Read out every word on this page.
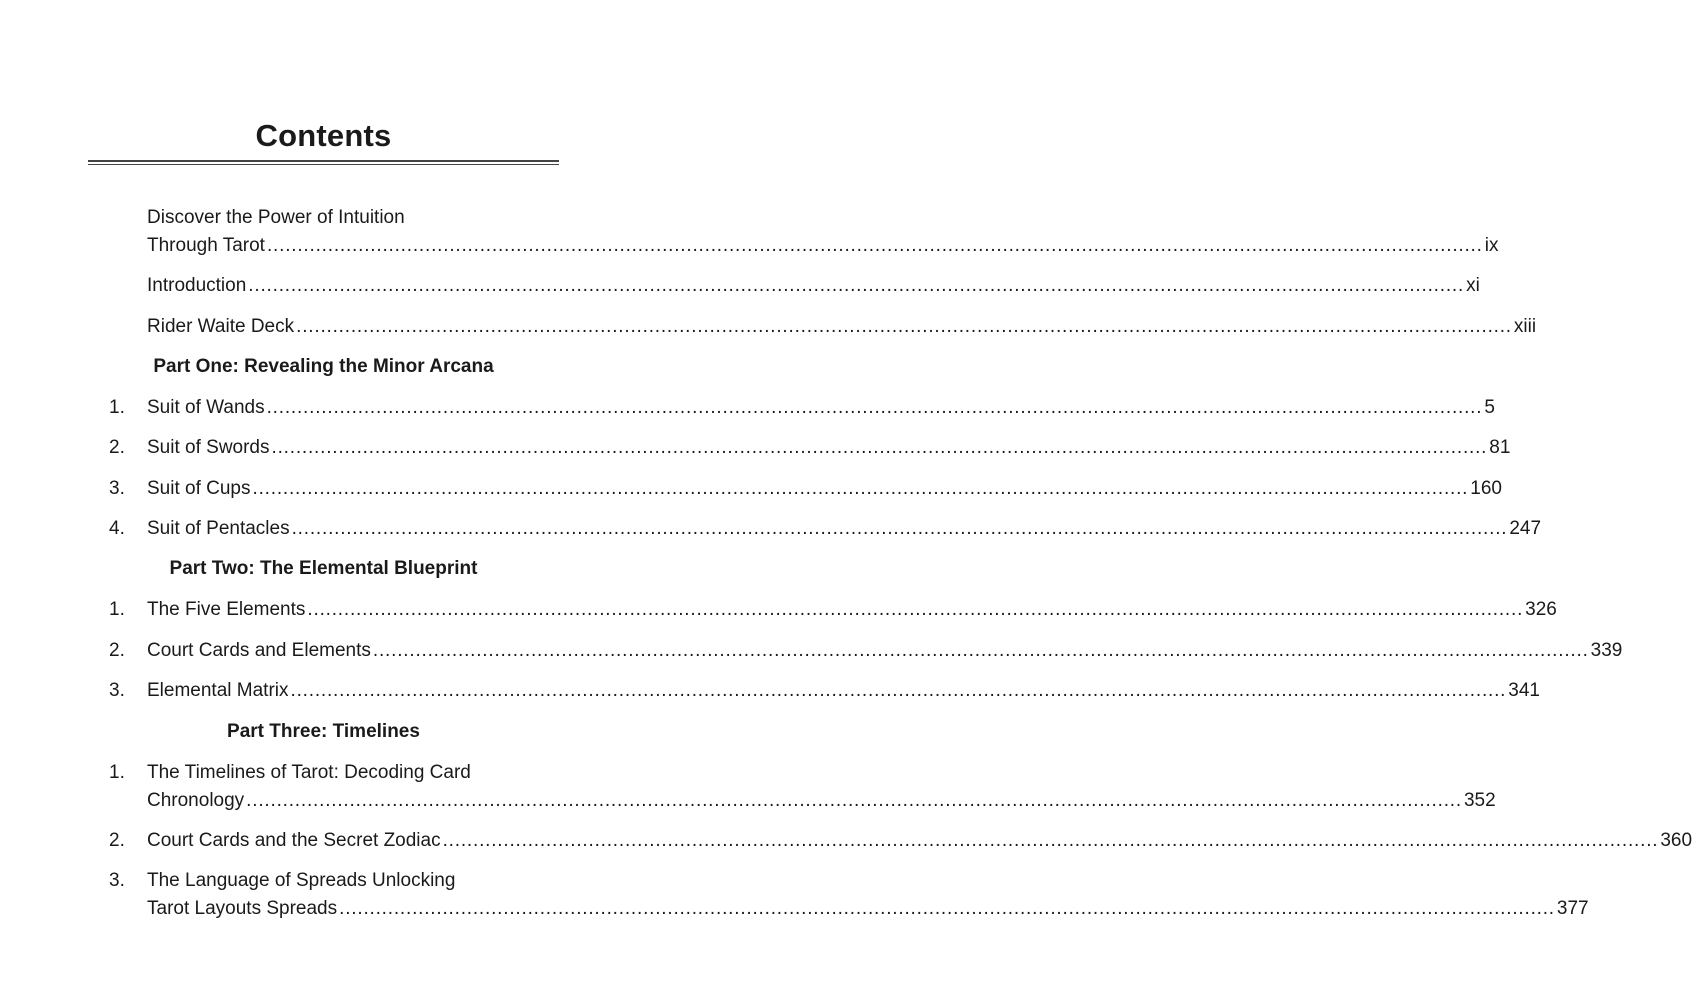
Contents
Discover the Power of Intuition
Through Tarot ........................................................................................................................................................................................................ ix
Introduction ........................................................................................................................................................................................................ xi
Rider Waite Deck ........................................................................................................................................................................................................ xiii
Part One: Revealing the Minor Arcana
1. Suit of Wands ........................................................................................................................................................................................................ 5
2. Suit of Swords ........................................................................................................................................................................................................ 81
3. Suit of Cups ........................................................................................................................................................................................................ 160
4. Suit of Pentacles ........................................................................................................................................................................................................ 247
Part Two: The Elemental Blueprint
1. The Five Elements ........................................................................................................................................................................................................ 326
2. Court Cards and Elements ........................................................................................................................................................................................................ 339
3. Elemental Matrix ........................................................................................................................................................................................................ 341
Part Three: Timelines
1. The Timelines of Tarot: Decoding Card
Chronology ........................................................................................................................................................................................................ 352
2. Court Cards and the Secret Zodiac ........................................................................................................................................................................................................ 360
3. The Language of Spreads Unlocking
Tarot Layouts Spreads ........................................................................................................................................................................................................ 377
